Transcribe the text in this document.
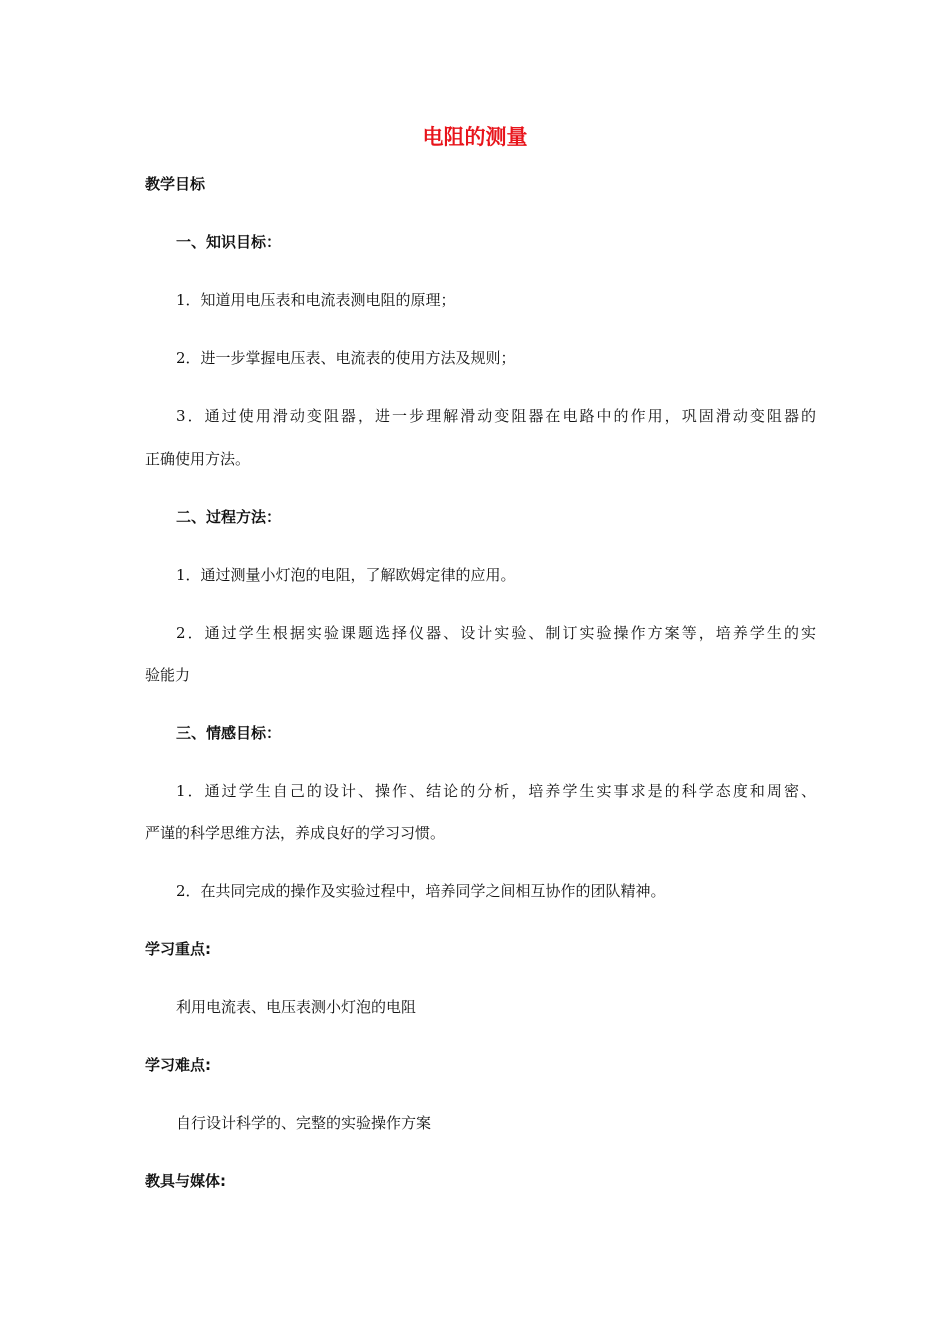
电阻的测量
教学目标
一、知识目标：
1．知道用电压表和电流表测电阻的原理；
2．进一步掌握电压表、电流表的使用方法及规则；
3．通过使用滑动变阻器，进一步理解滑动变阻器在电路中的作用，巩固滑动变阻器的
正确使用方法。
二、过程方法：
1．通过测量小灯泡的电阻，了解欧姆定律的应用。
2．通过学生根据实验课题选择仪器、设计实验、制订实验操作方案等，培养学生的实
验能力
三、情感目标：
1．通过学生自己的设计、操作、结论的分析，培养学生实事求是的科学态度和周密、
严谨的科学思维方法，养成良好的学习习惯。
2．在共同完成的操作及实验过程中，培养同学之间相互协作的团队精神。
学习重点:
利用电流表、电压表测小灯泡的电阻
学习难点:
自行设计科学的、完整的实验操作方案
教具与媒体:
